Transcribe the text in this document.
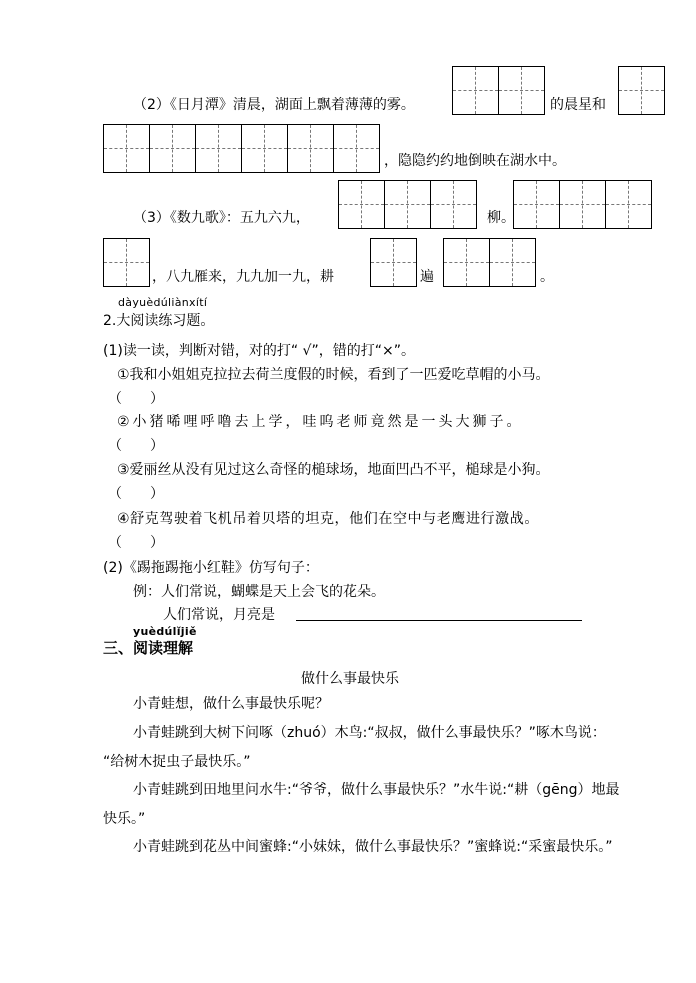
（2）《日月潭》清晨，湖面上飘着薄薄的雾。	的晨星和
，隐隐约约地倒映在湖水中。
（3）《数九歌》：五九六九，	柳。
，八九雁来，九九加一九，耕	遍	。
dàyuèdúliànxítí
2.大阅读练习题。
(1)读一读，判断对错，对的打“ √”，错的打“×”。
①我和小姐姐克拉拉去荷兰度假的时候，看到了一匹爱吃草帽的小马。
（　　）
②小猪唏哩呼噜去上学，哇呜老师竟然是一头大狮子。
（　　）
③爱丽丝从没有见过这么奇怪的槌球场，地面凹凸不平，槌球是小狗。
（　　）
④舒克驾驶着飞机吊着贝塔的坦克，他们在空中与老鹰进行激战。
（　　）
(2)《踢拖踢拖小红鞋》仿写句子：
例：人们常说，蝴蝶是天上会飞的花朵。
人们常说，月亮是
yuèdúlǐjiě
三、阅读理解
做什么事最快乐
小青蛙想，做什么事最快乐呢？
小青蛙跳到大树下问啄（zhuó）木鸟:“叔叔，做什么事最快乐？”啄木鸟说：
“给树木捉虫子最快乐。”
小青蛙跳到田地里问水牛:“爷爷，做什么事最快乐？”水牛说:“耕（gēng）地最
快乐。”
小青蛙跳到花丛中间蜜蜂:“小妹妹，做什么事最快乐？”蜜蜂说:“采蜜最快乐。”
